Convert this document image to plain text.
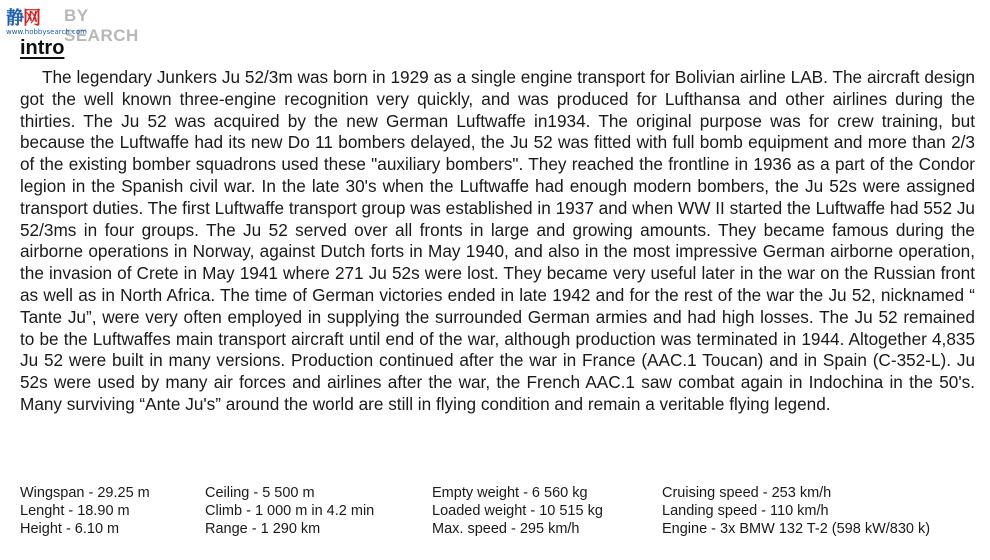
静网 BY SEARCH
www.hobbysearch.com
intro
The legendary Junkers Ju 52/3m was born in 1929 as a single engine transport for Bolivian airline LAB. The aircraft design got the well known three-engine recognition very quickly, and was produced for Lufthansa and other airlines during the thirties. The Ju 52 was acquired by the new German Luftwaffe in1934. The original purpose was for crew training, but because the Luftwaffe had its new Do 11 bombers delayed, the Ju 52 was fitted with full bomb equipment and more than 2/3 of the existing bomber squadrons used these "auxiliary bombers". They reached the frontline in 1936 as a part of the Condor legion in the Spanish civil war. In the late 30's when the Luftwaffe had enough modern bombers, the Ju 52s were assigned transport duties. The first Luftwaffe transport group was established in 1937 and when WW II started the Luftwaffe had 552 Ju 52/3ms in four groups. The Ju 52 served over all fronts in large and growing amounts. They became famous during the airborne operations in Norway, against Dutch forts in May 1940, and also in the most impressive German airborne operation, the invasion of Crete in May 1941 where 271 Ju 52s were lost. They became very useful later in the war on the Russian front as well as in North Africa. The time of German victories ended in late 1942 and for the rest of the war the Ju 52, nicknamed “ Tante Ju”, were very often employed in supplying the surrounded German armies and had high losses. The Ju 52 remained to be the Luftwaffes main transport aircraft until end of the war, although production was terminated in 1944. Altogether 4,835 Ju 52 were built in many versions. Production continued after the war in France (AAC.1 Toucan) and in Spain (C-352-L). Ju 52s were used by many air forces and airlines after the war, the French AAC.1 saw combat again in Indochina in the 50's. Many surviving “Ante Ju's” around the world are still in flying condition and remain a veritable flying legend.
Wingspan - 29.25 m
Lenght - 18.90 m
Height - 6.10 m
Ceiling - 5 500 m
Climb - 1 000 m in 4.2 min
Range - 1 290 km
Empty weight - 6 560 kg
Loaded weight - 10 515 kg
Max. speed - 295 km/h
Cruising speed - 253 km/h
Landing speed - 110 km/h
Engine - 3x BMW 132 T-2 (598 kW/830 k)
